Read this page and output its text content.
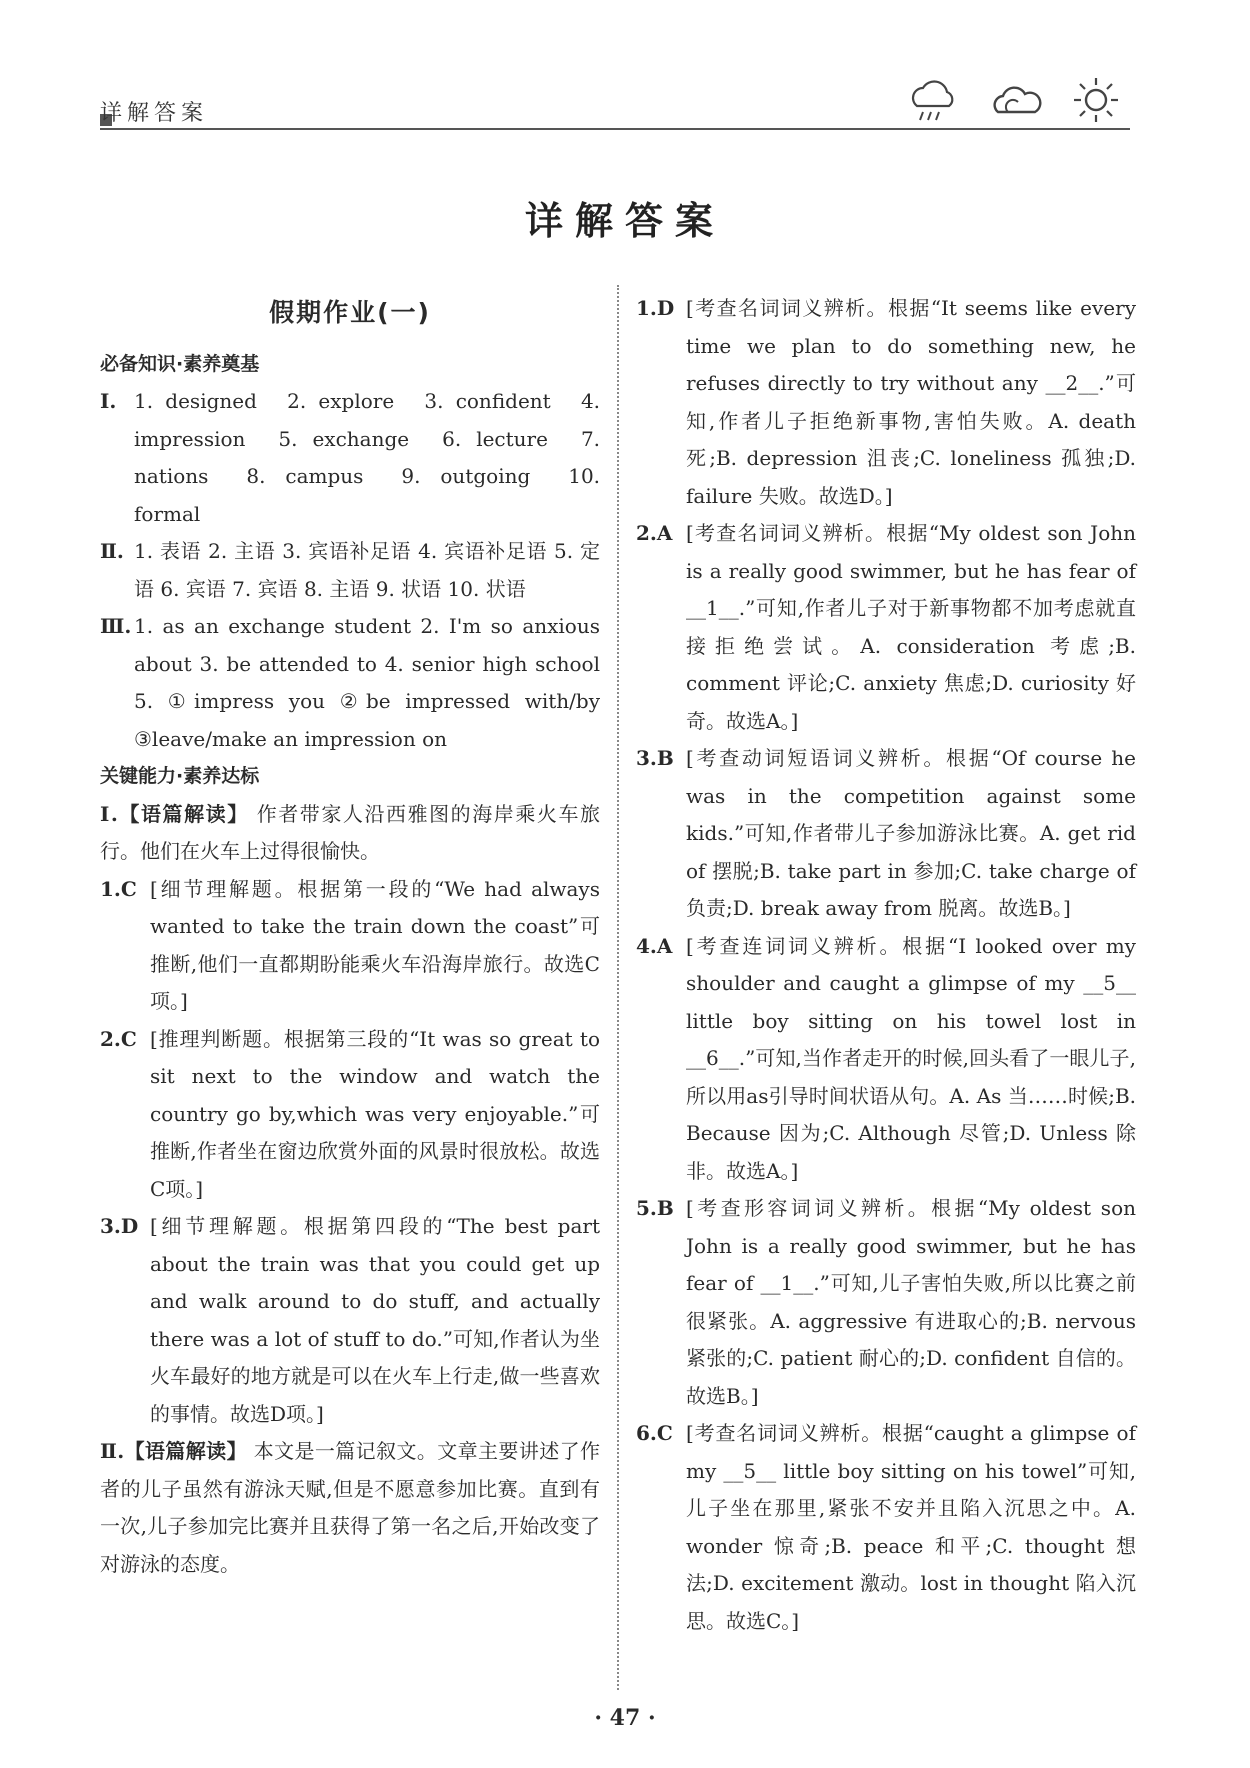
详解答案
详解答案
假期作业(一)

必备知识·素养奠基

Ⅰ. 1. designed 2. explore 3. confident 4. impression 5. exchange 6. lecture 7. nations 8. campus 9. outgoing 10. formal
Ⅱ. 1. 表语 2. 主语 3. 宾语补足语 4. 宾语补足语 5. 定语 6. 宾语 7. 宾语 8. 主语 9. 状语 10. 状语
Ⅲ. 1. as an exchange student 2. I'm so anxious about 3. be attended to 4. senior high school 5. ①impress you ②be impressed with/by ③leave/make an impression on

关键能力·素养达标

Ⅰ.【语篇解读】 作者带家人沿西雅图的海岸乘火车旅行。他们在火车上过得很愉快。

1.C [细节理解题。根据第一段的“We had always wanted to take the train down the coast”可推断,他们一直都期盼能乘火车沿海岸旅行。故选C项。]
2.C [推理判断题。根据第三段的“It was so great to sit next to the window and watch the country go by,which was very enjoyable.”可推断,作者坐在窗边欣赏外面的风景时很放松。故选C项。]
3.D [细节理解题。根据第四段的“The best part about the train was that you could get up and walk around to do stuff, and actually there was a lot of stuff to do.”可知,作者认为坐火车最好的地方就是可以在火车上行走,做一些喜欢的事情。故选D项。]

Ⅱ.【语篇解读】 本文是一篇记叙文。文章主要讲述了作者的儿子虽然有游泳天赋,但是不愿意参加比赛。直到有一次,儿子参加完比赛并且获得了第一名之后,开始改变了对游泳的态度。

1.D [考查名词词义辨析。根据“It seems like every time we plan to do something new, he refuses directly to try without any __2__.”可知,作者儿子拒绝新事物,害怕失败。A. death 死;B. depression 沮丧;C. loneliness 孤独;D. failure 失败。故选D。]
2.A [考查名词词义辨析。根据“My oldest son John is a really good swimmer, but he has fear of __1__.”可知,作者儿子对于新事物都不加考虑就直接拒绝尝试。A. consideration 考虑;B. comment 评论;C. anxiety 焦虑;D. curiosity 好奇。故选A。]
3.B [考查动词短语词义辨析。根据“Of course he was in the competition against some kids.”可知,作者带儿子参加游泳比赛。A. get rid of 摆脱;B. take part in 参加;C. take charge of 负责;D. break away from 脱离。故选B。]
4.A [考查连词词义辨析。根据“I looked over my shoulder and caught a glimpse of my __5__ little boy sitting on his towel lost in __6__.”可知,当作者走开的时候,回头看了一眼儿子,所以用as引导时间状语从句。A. As 当……时候;B. Because 因为;C. Although 尽管;D. Unless 除非。故选A。]
5.B [考查形容词词义辨析。根据“My oldest son John is a really good swimmer, but he has fear of __1__.”可知,儿子害怕失败,所以比赛之前很紧张。A. aggressive 有进取心的;B. nervous 紧张的;C. patient 耐心的;D. confident 自信的。故选B。]
6.C [考查名词词义辨析。根据“caught a glimpse of my __5__ little boy sitting on his towel”可知,儿子坐在那里,紧张不安并且陷入沉思之中。A. wonder 惊奇;B. peace 和平;C. thought 想法;D. excitement 激动。lost in thought 陷入沉思。故选C。]
· 47 ·
